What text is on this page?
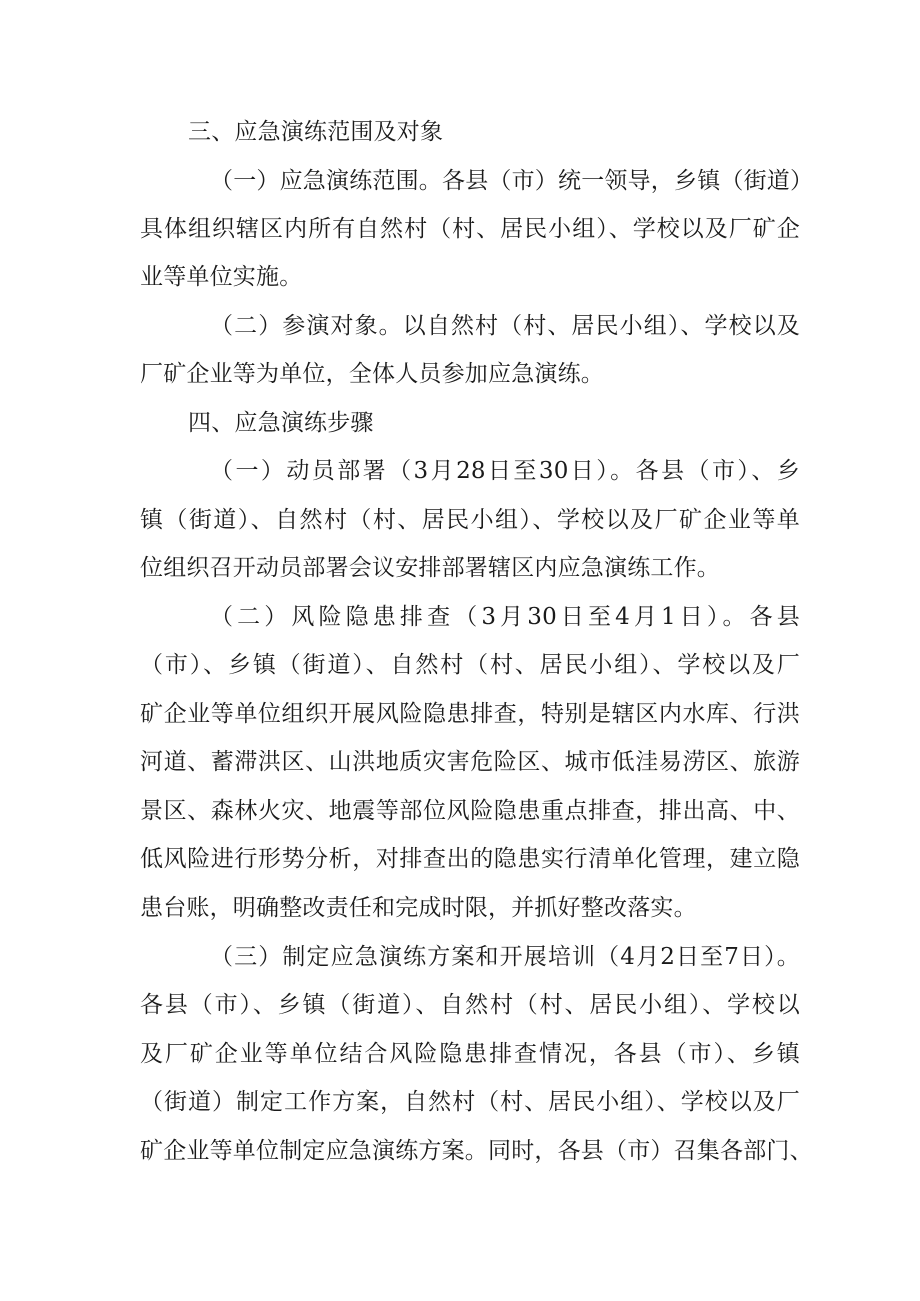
三、应急演练范围及对象
（一）应急演练范围。各县（市）统一领导，乡镇（街道）
具体组织辖区内所有自然村（村、居民小组）、学校以及厂矿企
业等单位实施。
（二）参演对象。以自然村（村、居民小组）、学校以及
厂矿企业等为单位，全体人员参加应急演练。
四、应急演练步骤
（一）动员部署（3月28日至30日）。各县（市）、乡
镇（街道）、自然村（村、居民小组）、学校以及厂矿企业等单
位组织召开动员部署会议安排部署辖区内应急演练工作。
（二）风险隐患排查（3月30日至4月1日）。各县
（市）、乡镇（街道）、自然村（村、居民小组）、学校以及厂
矿企业等单位组织开展风险隐患排查，特别是辖区内水库、行洪
河道、蓄滞洪区、山洪地质灾害危险区、城市低洼易涝区、旅游
景区、森林火灾、地震等部位风险隐患重点排查，排出高、中、
低风险进行形势分析，对排查出的隐患实行清单化管理，建立隐
患台账，明确整改责任和完成时限，并抓好整改落实。
（三）制定应急演练方案和开展培训（4月2日至7日）。
各县（市）、乡镇（街道）、自然村（村、居民小组）、学校以
及厂矿企业等单位结合风险隐患排查情况，各县（市）、乡镇
（街道）制定工作方案，自然村（村、居民小组）、学校以及厂
矿企业等单位制定应急演练方案。同时，各县（市）召集各部门、
